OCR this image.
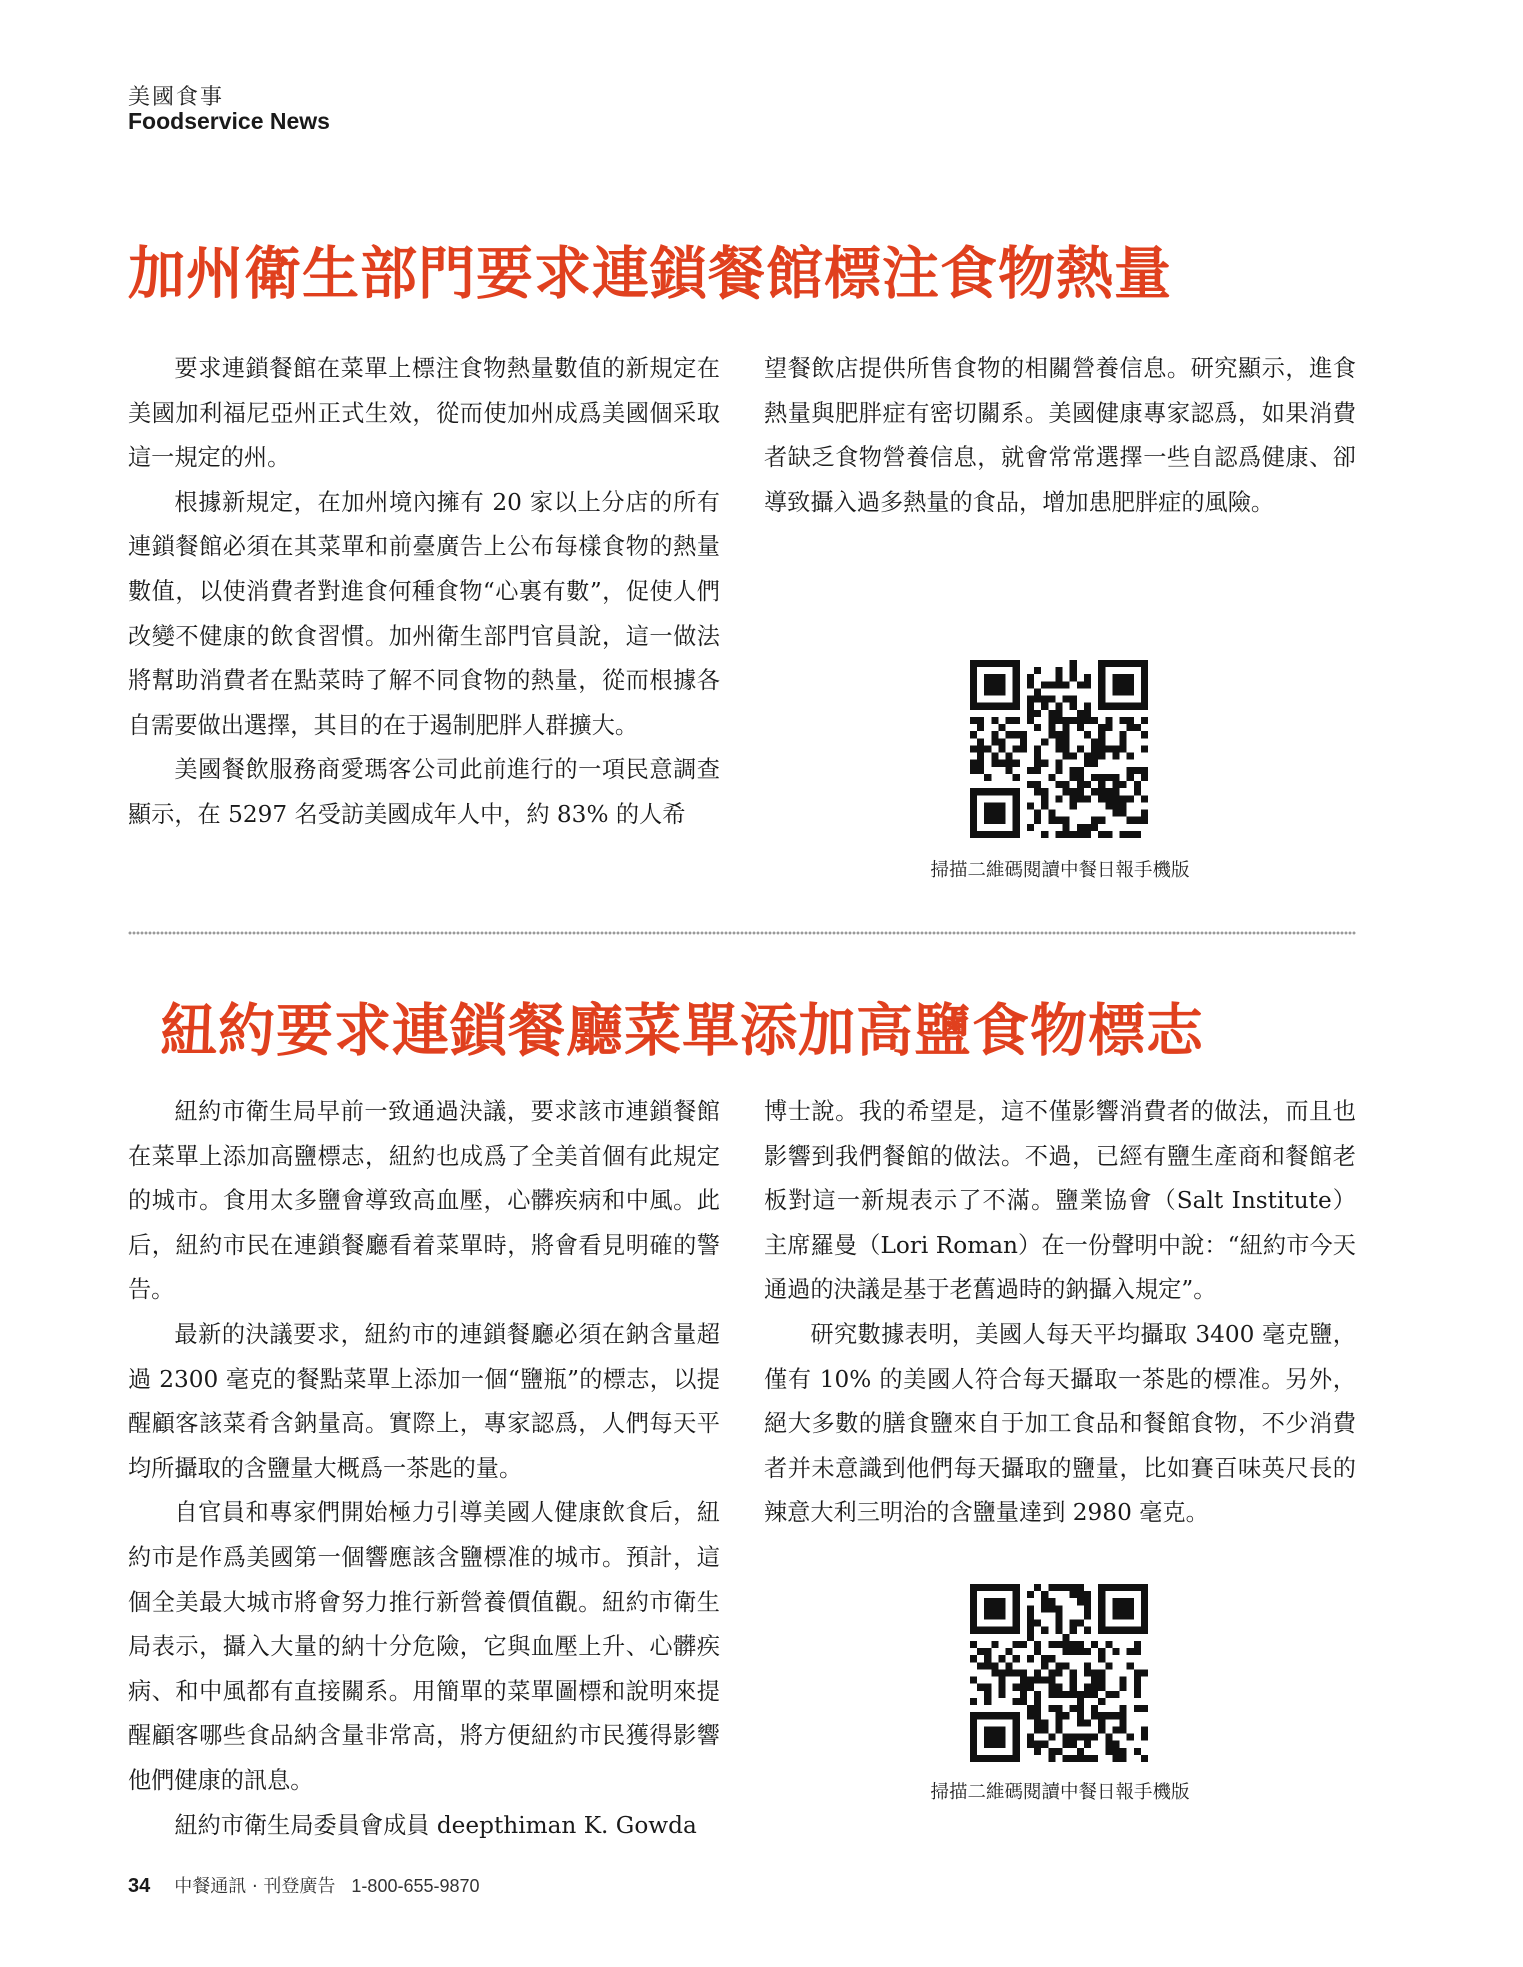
美國食事
Foodservice News
加州衛生部門要求連鎖餐館標注食物熱量

要求連鎖餐館在菜單上標注食物熱量數值的新規定在美國加利福尼亞州正式生效，從而使加州成爲美國個采取這一規定的州。

根據新規定，在加州境內擁有 20 家以上分店的所有連鎖餐館必須在其菜單和前臺廣告上公布每樣食物的熱量數值，以使消費者對進食何種食物“心裏有數”，促使人們改變不健康的飲食習慣。加州衛生部門官員說，這一做法將幫助消費者在點菜時了解不同食物的熱量，從而根據各自需要做出選擇，其目的在于遏制肥胖人群擴大。

美國餐飲服務商愛瑪客公司此前進行的一項民意調查顯示，在 5297 名受訪美國成年人中，約 83% 的人希

望餐飲店提供所售食物的相關營養信息。研究顯示，進食熱量與肥胖症有密切關系。美國健康專家認爲，如果消費者缺乏食物營養信息，就會常常選擇一些自認爲健康、卻導致攝入過多熱量的食品，增加患肥胖症的風險。

掃描二維碼閱讀中餐日報手機版
紐約要求連鎖餐廳菜單添加高鹽食物標志

紐約市衛生局早前一致通過決議，要求該市連鎖餐館在菜單上添加高鹽標志，紐約也成爲了全美首個有此規定的城市。食用太多鹽會導致高血壓，心髒疾病和中風。此后，紐約市民在連鎖餐廳看着菜單時，將會看見明確的警告。

最新的決議要求，紐約市的連鎖餐廳必須在鈉含量超過 2300 毫克的餐點菜單上添加一個“鹽瓶”的標志，以提醒顧客該菜肴含鈉量高。實際上，專家認爲，人們每天平均所攝取的含鹽量大概爲一茶匙的量。

自官員和專家們開始極力引導美國人健康飲食后，紐約市是作爲美國第一個響應該含鹽標准的城市。預計，這個全美最大城市將會努力推行新營養價值觀。紐約市衛生局表示，攝入大量的納十分危險，它與血壓上升、心髒疾病、和中風都有直接關系。用簡單的菜單圖標和說明來提醒顧客哪些食品納含量非常高，將方便紐約市民獲得影響他們健康的訊息。

紐約市衛生局委員會成員 deepthiman K. Gowda

博士說。我的希望是，這不僅影響消費者的做法，而且也影響到我們餐館的做法。不過，已經有鹽生產商和餐館老板對這一新規表示了不滿。鹽業協會（Salt Institute）主席羅曼（Lori Roman）在一份聲明中說：“紐約市今天通過的決議是基于老舊過時的鈉攝入規定”。

研究數據表明，美國人每天平均攝取 3400 毫克鹽，僅有 10% 的美國人符合每天攝取一茶匙的標准。另外，絕大多數的膳食鹽來自于加工食品和餐館食物，不少消費者并未意識到他們每天攝取的鹽量，比如賽百味英尺長的辣意大利三明治的含鹽量達到 2980 毫克。

掃描二維碼閱讀中餐日報手機版
34 中餐通訊 · 刊登廣告 1-800-655-9870
